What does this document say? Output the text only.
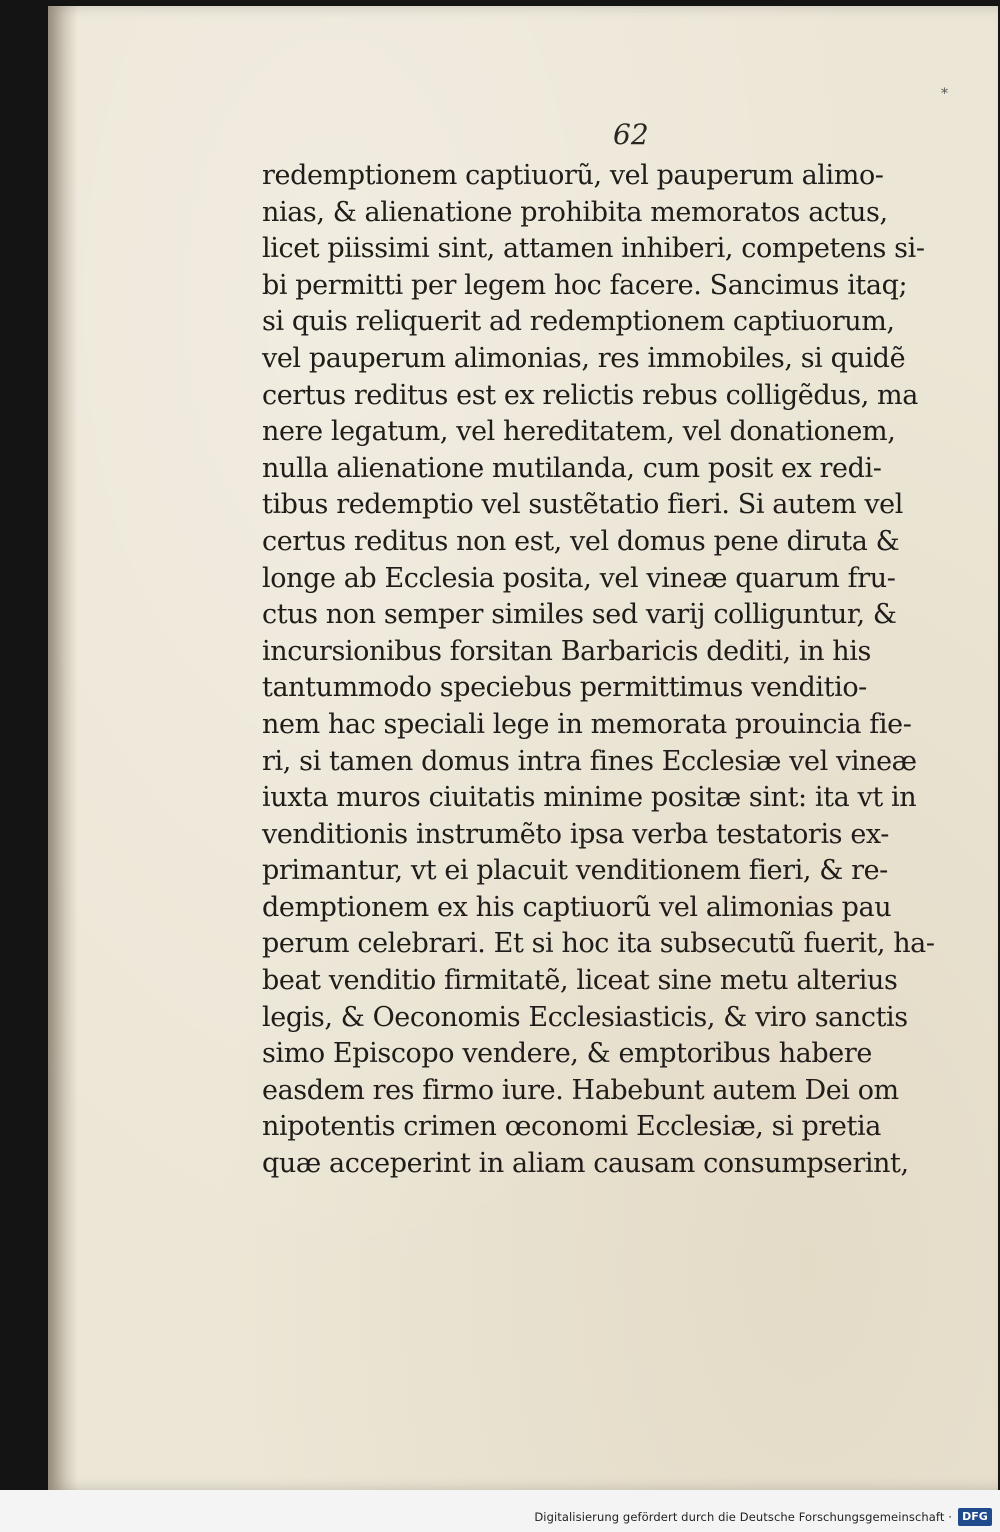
*
62
redemptionem captiuorũ, vel pauperum alimo-
nias, & alienatione prohibita memoratos actus,
licet piissimi sint, attamen inhiberi, competens si-
bi permitti per legem hoc facere. Sancimus itaq;
si quis reliquerit ad redemptionem captiuorum,
vel pauperum alimonias, res immobiles, si quidẽ
certus reditus est ex relictis rebus colligẽdus, ma
nere legatum, vel hereditatem, vel donationem,
nulla alienatione mutilanda, cum posit ex redi-
tibus redemptio vel sustẽtatio fieri. Si autem vel
certus reditus non est, vel domus pene diruta &
longe ab Ecclesia posita, vel vineæ quarum fru-
ctus non semper similes sed varij colliguntur, &
incursionibus forsitan Barbaricis dediti, in his
tantummodo speciebus permittimus venditio-
nem hac speciali lege in memorata prouincia fie-
ri, si tamen domus intra fines Ecclesiæ vel vineæ
iuxta muros ciuitatis minime positæ sint: ita vt in
venditionis instrumẽto ipsa verba testatoris ex-
primantur, vt ei placuit venditionem fieri, & re-
demptionem ex his captiuorũ vel alimonias pau
perum celebrari. Et si hoc ita subsecutũ fuerit, ha-
beat venditio firmitatẽ, liceat sine metu alterius
legis, & Oeconomis Ecclesiasticis, & viro sanctis
simo Episcopo vendere, & emptoribus habere
easdem res firmo iure. Habebunt autem Dei om
nipotentis crimen œconomi Ecclesiæ, si pretia
quæ acceperint in aliam causam consumpserint,
Digitalisierung gefördert durch die Deutsche Forschungsgemeinschaft · DFG
